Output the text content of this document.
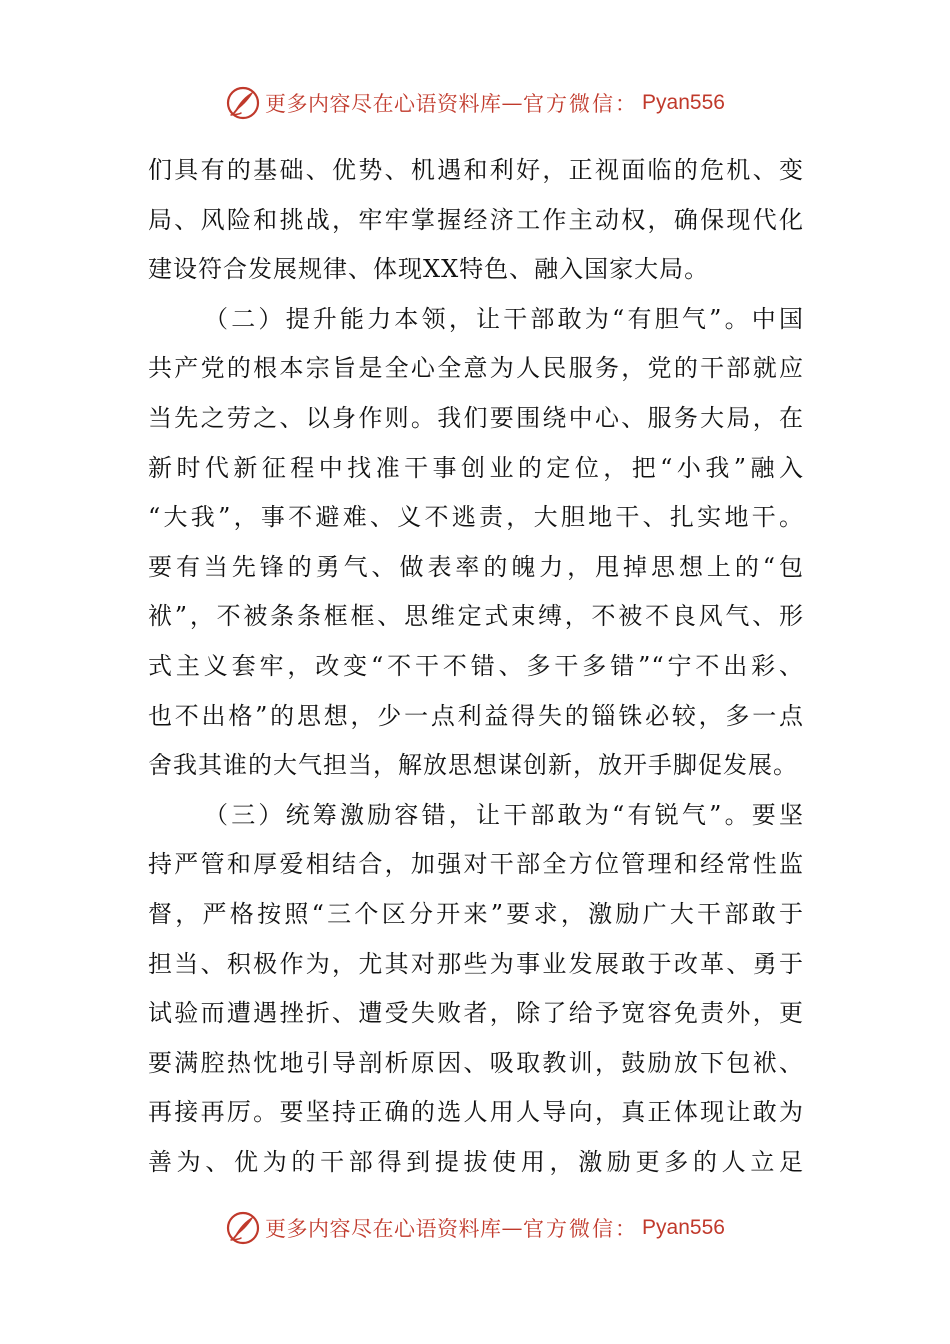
更多内容尽在心语资料库 — 官方微信： Pyan556
们具有的基础、优势、机遇和利好，正视面临的危机、变
局、风险和挑战，牢牢掌握经济工作主动权，确保现代化
建设符合发展规律、体现XX特色、融入国家大局。
（二）提升能力本领，让干部敢为“有胆气”。中国
共产党的根本宗旨是全心全意为人民服务，党的干部就应
当先之劳之、以身作则。我们要围绕中心、服务大局，在
新时代新征程中找准干事创业的定位，把“小我”融入
“大我”，事不避难、义不逃责，大胆地干、扎实地干。
要有当先锋的勇气、做表率的魄力，甩掉思想上的“包
袱”，不被条条框框、思维定式束缚，不被不良风气、形
式主义套牢，改变“不干不错、多干多错”“宁不出彩、
也不出格”的思想，少一点利益得失的锱铢必较，多一点
舍我其谁的大气担当，解放思想谋创新，放开手脚促发展。
（三）统筹激励容错，让干部敢为“有锐气”。要坚
持严管和厚爱相结合，加强对干部全方位管理和经常性监
督，严格按照“三个区分开来”要求，激励广大干部敢于
担当、积极作为，尤其对那些为事业发展敢于改革、勇于
试验而遭遇挫折、遭受失败者，除了给予宽容免责外，更
要满腔热忱地引导剖析原因、吸取教训，鼓励放下包袱、
再接再厉。要坚持正确的选人用人导向，真正体现让敢为
善为、优为的干部得到提拔使用，激励更多的人立足
更多内容尽在心语资料库 — 官方微信： Pyan556
